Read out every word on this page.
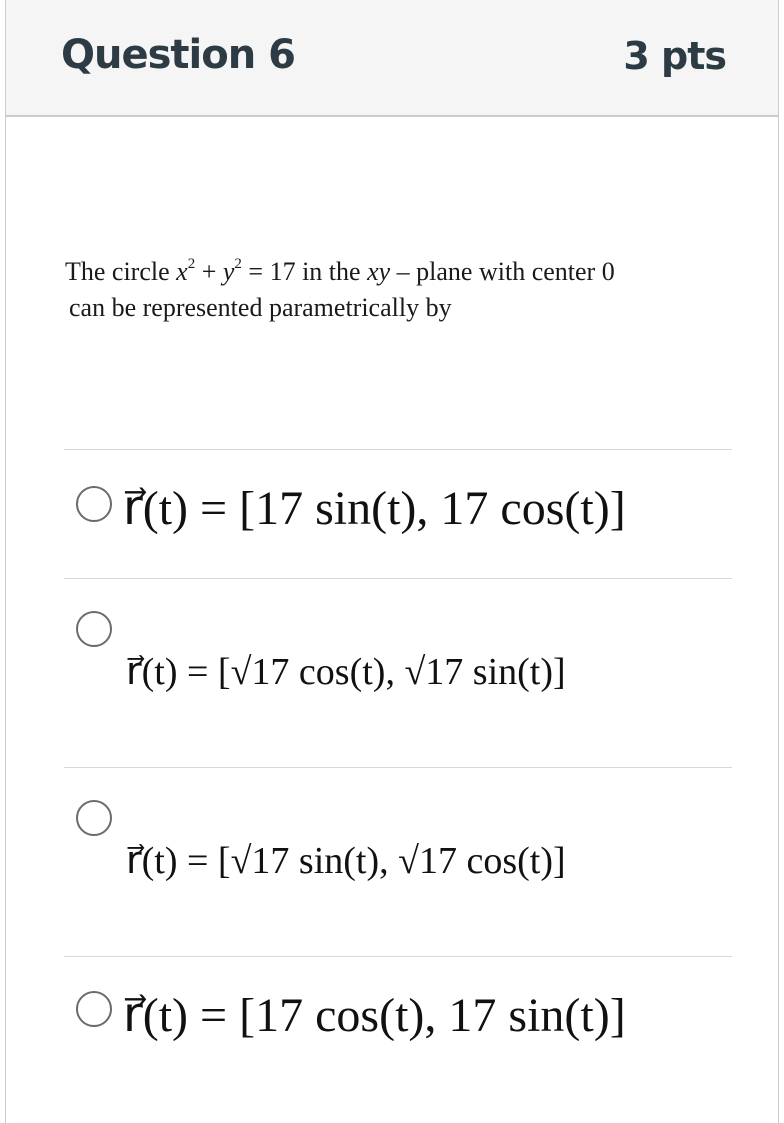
Question 6	3 pts
The circle $x^2 + y^2 = 17$ in the xy – plane with center 0
can be represented parametrically by
r⃗(t) = [17 sin(t), 17 cos(t)]
r⃗(t) = [√17 cos(t), √17 sin(t)]
r⃗(t) = [√17 sin(t), √17 cos(t)]
r⃗(t) = [17 cos(t), 17 sin(t)]
